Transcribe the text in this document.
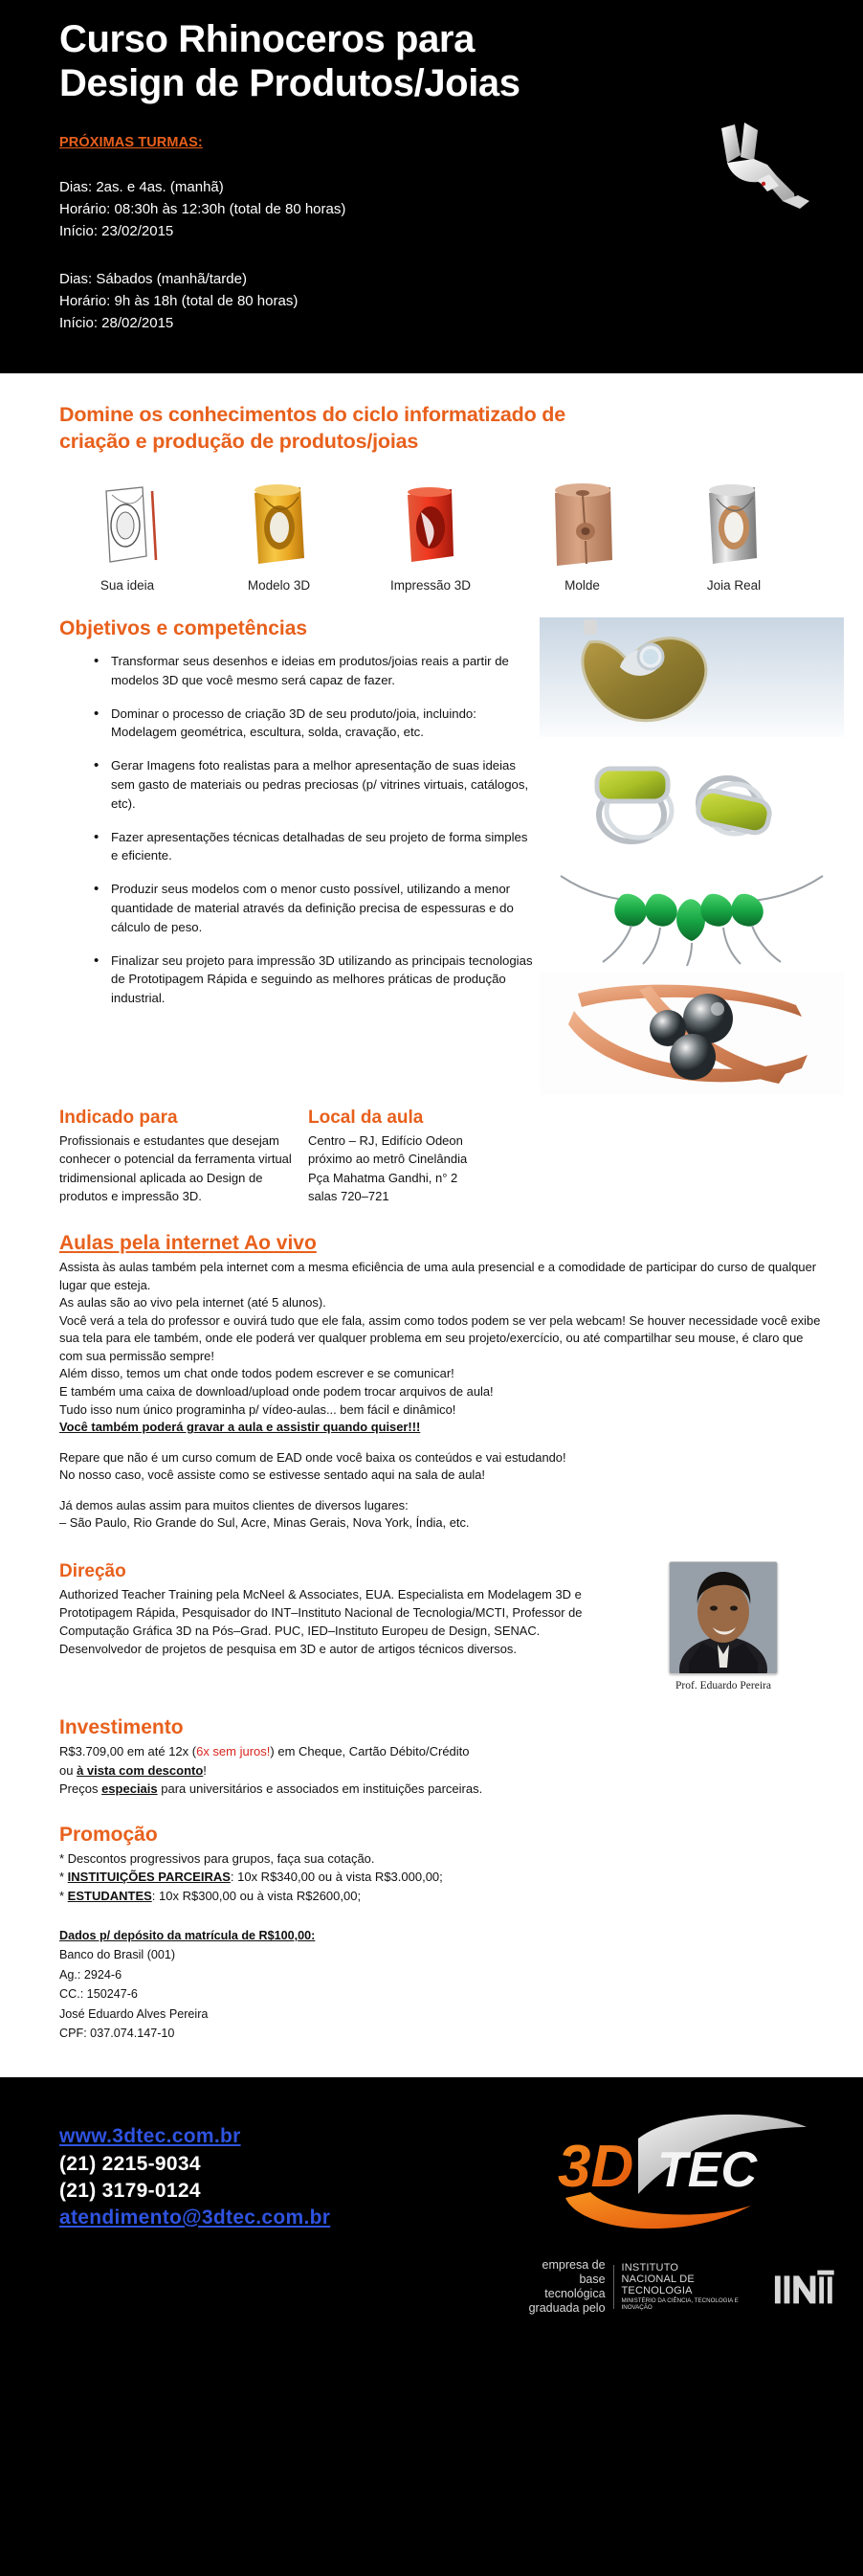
Curso Rhinoceros para
Design de Produtos/Joias
PRÓXIMAS TURMAS:
Dias: 2as. e 4as. (manhã)
Horário: 08:30h às 12:30h (total de 80 horas)
Início: 23/02/2015
Dias: Sábados (manhã/tarde)
Horário: 9h às 18h (total de 80 horas)
Início: 28/02/2015
Domine os conhecimentos do ciclo informatizado de
criação e produção de produtos/joias
Sua ideia	Modelo 3D	Impressão 3D	Molde	Joia Real
Objetivos e competências
• Transformar seus desenhos e ideias em produtos/joias reais a partir de modelos 3D que você mesmo será capaz de fazer.
• Dominar o processo de criação 3D de seu produto/joia, incluindo: Modelagem geométrica, escultura, solda, cravação, etc.
• Gerar Imagens foto realistas para a melhor apresentação de suas ideias sem gasto de materiais ou pedras preciosas (p/ vitrines virtuais, catálogos, etc).
• Fazer apresentações técnicas detalhadas de seu projeto de forma simples e eficiente.
• Produzir seus modelos com o menor custo possível, utilizando a menor quantidade de material através da definição precisa de espessuras e do cálculo de peso.
• Finalizar seu projeto para impressão 3D utilizando as principais tecnologias de Prototipagem Rápida e seguindo as melhores práticas de produção industrial.
Indicado para

Profissionais e estudantes que desejam conhecer o potencial da ferramenta virtual tridimensional aplicada ao Design de produtos e impressão 3D.

Local da aula

Centro – RJ, Edifício Odeon

próximo ao metrô Cinelândia

Pça Mahatma Gandhi, n° 2

salas 720–721

Aulas pela internet Ao vivo

Assista às aulas também pela internet com a mesma eficiência de uma aula presencial e a comodidade de participar do curso de qualquer lugar que esteja.

As aulas são ao vivo pela internet (até 5 alunos).

Você verá a tela do professor e ouvirá tudo que ele fala, assim como todos podem se ver pela webcam! Se houver necessidade você exibe sua tela para ele também, onde ele poderá ver qualquer problema em seu projeto/exercício, ou até compartilhar seu mouse, é claro que com sua permissão sempre!

Além disso, temos um chat onde todos podem escrever e se comunicar!

E também uma caixa de download/upload onde podem trocar arquivos de aula!

Tudo isso num único programinha p/ vídeo-aulas... bem fácil e dinâmico!

Você também poderá gravar a aula e assistir quando quiser!!!

Repare que não é um curso comum de EAD onde você baixa os conteúdos e vai estudando!

No nosso caso, você assiste como se estivesse sentado aqui na sala de aula!

Já demos aulas assim para muitos clientes de diversos lugares:

– São Paulo, Rio Grande do Sul, Acre, Minas Gerais, Nova York, Índia, etc.

Direção

Authorized Teacher Training pela McNeel & Associates, EUA. Especialista em Modelagem 3D e Prototipagem Rápida, Pesquisador do INT–Instituto Nacional de Tecnologia/MCTI, Professor de Computação Gráfica 3D na Pós–Grad. PUC, IED–Instituto Europeu de Design, SENAC. Desenvolvedor de projetos de pesquisa em 3D e autor de artigos técnicos diversos.

Prof. Eduardo Pereira
Investimento

R$3.709,00 em até 12x (6x sem juros!) em Cheque, Cartão Débito/Crédito

ou à vista com desconto!

Preços especiais para universitários e associados em instituições parceiras.

Promoção

* Descontos progressivos para grupos, faça sua cotação.

* INSTITUIÇÕES PARCEIRAS: 10x R$340,00 ou à vista R$3.000,00;

* ESTUDANTES: 10x R$300,00 ou à vista R$2600,00;

Dados p/ depósito da matrícula de R$100,00:

Banco do Brasil (001)

Ag.: 2924-6

CC.: 150247-6

José Eduardo Alves Pereira

CPF: 037.074.147-10

www.3dtec.com.br
(21) 2215-9034
(21) 3179-0124
atendimento@3dtec.com.br
3D TEC
empresa de
base tecnológica
graduada pelo
INSTITUTO
NACIONAL DE
TECNOLOGIA
MINISTÉRIO DA CIÊNCIA, TECNOLOGIA E INOVAÇÃO
